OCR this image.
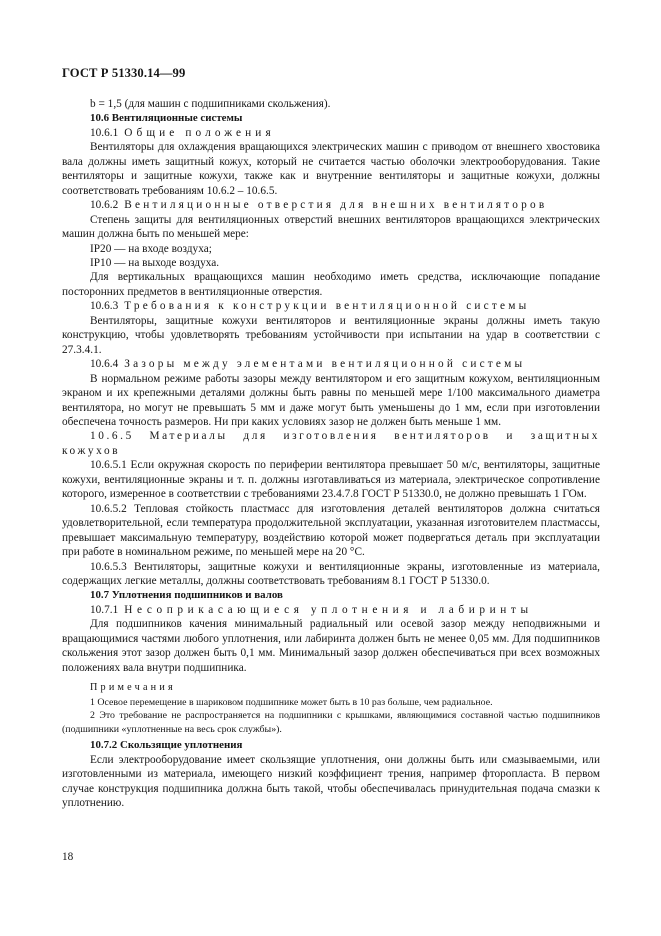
ГОСТ Р 51330.14—99

b = 1,5 (для машин с подшипниками скольжения).

10.6 Вентиляционные системы

10.6.1 Общие положения

Вентиляторы для охлаждения вращающихся электрических машин с приводом от внешнего хвостовика вала должны иметь защитный кожух, который не считается частью оболочки электрооборудования. Такие вентиляторы и защитные кожухи, также как и внутренние вентиляторы и защитные кожухи, должны соответствовать требованиям 10.6.2 – 10.6.5.

10.6.2 Вентиляционные отверстия для внешних вентиляторов

Степень защиты для вентиляционных отверстий внешних вентиляторов вращающихся электрических машин должна быть по меньшей мере:

IP20 — на входе воздуха;

IP10 — на выходе воздуха.

Для вертикальных вращающихся машин необходимо иметь средства, исключающие попадание посторонних предметов в вентиляционные отверстия.

10.6.3 Требования к конструкции вентиляционной системы

Вентиляторы, защитные кожухи вентиляторов и вентиляционные экраны должны иметь такую конструкцию, чтобы удовлетворять требованиям устойчивости при испытании на удар в соответствии с 27.3.4.1.

10.6.4 Зазоры между элементами вентиляционной системы

В нормальном режиме работы зазоры между вентилятором и его защитным кожухом, вентиляционным экраном и их крепежными деталями должны быть равны по меньшей мере 1/100 максимального диаметра вентилятора, но могут не превышать 5 мм и даже могут быть уменьшены до 1 мм, если при изготовлении обеспечена точность размеров. Ни при каких условиях зазор не должен быть меньше 1 мм.

10.6.5 Материалы для изготовления вентиляторов и защитных кожухов

10.6.5.1 Если окружная скорость по периферии вентилятора превышает 50 м/с, вентиляторы, защитные кожухи, вентиляционные экраны и т. п. должны изготавливаться из материала, электрическое сопротивление которого, измеренное в соответствии с требованиями 23.4.7.8 ГОСТ Р 51330.0, не должно превышать 1 ГОм.

10.6.5.2 Тепловая стойкость пластмасс для изготовления деталей вентиляторов должна считаться удовлетворительной, если температура продолжительной эксплуатации, указанная изготовителем пластмассы, превышает максимальную температуру, воздействию которой может подвергаться деталь при эксплуатации при работе в номинальном режиме, по меньшей мере на 20 °С.

10.6.5.3 Вентиляторы, защитные кожухи и вентиляционные экраны, изготовленные из материала, содержащих легкие металлы, должны соответствовать требованиям 8.1 ГОСТ Р 51330.0.

10.7 Уплотнения подшипников и валов

10.7.1 Несоприкасающиеся уплотнения и лабиринты

Для подшипников качения минимальный радиальный или осевой зазор между неподвижными и вращающимися частями любого уплотнения, или лабиринта должен быть не менее 0,05 мм. Для подшипников скольжения этот зазор должен быть 0,1 мм. Минимальный зазор должен обеспечиваться при всех возможных положениях вала внутри подшипника.

Примечания

1 Осевое перемещение в шариковом подшипнике может быть в 10 раз больше, чем радиальное.

2 Это требование не распространяется на подшипники с крышками, являющимися составной частью подшипников (подшипники «уплотненные на весь срок службы»).

10.7.2 Скользящие уплотнения

Если электрооборудование имеет скользящие уплотнения, они должны быть или смазываемыми, или изготовленными из материала, имеющего низкий коэффициент трения, например фторопласта. В первом случае конструкция подшипника должна быть такой, чтобы обеспечивалась принудительная подача смазки к уплотнению.

18
